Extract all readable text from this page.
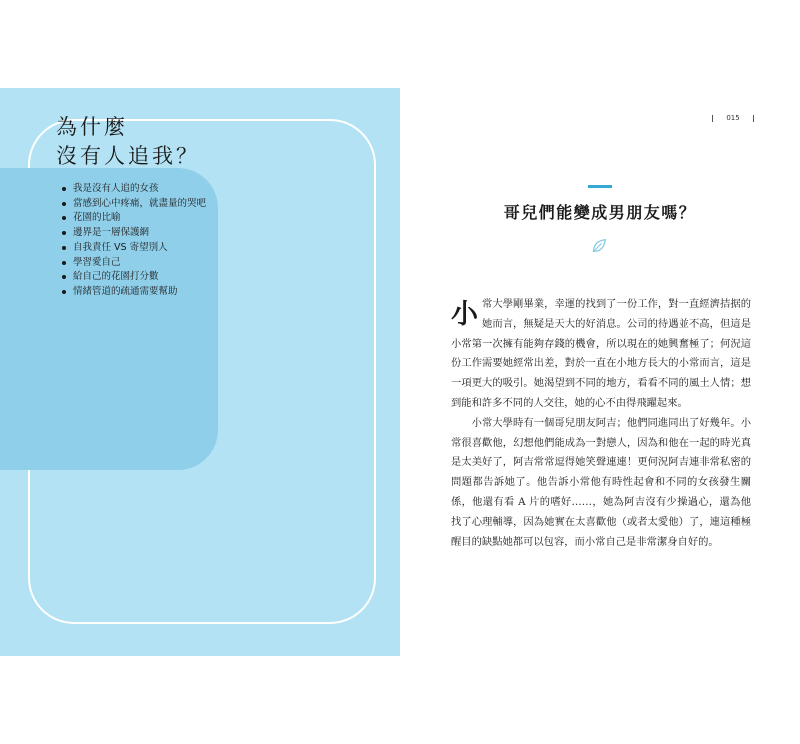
為什麼
沒有人追我？
我是沒有人追的女孩
當感到心中疼痛，就盡量的哭吧
花園的比喻
邊界是一層保護網
自我責任 VS 寄望別人
學習愛自己
給自己的花園打分數
情緒管道的疏通需要幫助
015
哥兒們能變成男朋友嗎？

小常大學剛畢業，幸運的找到了一份工作，對一直經濟拮据的她而言，無疑是天大的好消息。公司的待遇並不高，但這是小常第一次擁有能夠存錢的機會，所以現在的她興奮極了；何況這份工作需要她經常出差，對於一直在小地方長大的小常而言，這是一項更大的吸引。她渴望到不同的地方，看看不同的風土人情；想到能和許多不同的人交往，她的心不由得飛躍起來。

小常大學時有一個哥兒朋友阿吉；他們同進同出了好幾年。小常很喜歡他，幻想他們能成為一對戀人，因為和他在一起的時光真是太美好了，阿吉常常逗得她笑聲連連！更何況阿吉連非常私密的問題都告訴她了。他告訴小常他有時性起會和不同的女孩發生關係，他還有看 A 片的嗜好……，她為阿吉沒有少操過心，還為他找了心理輔導，因為她實在太喜歡他（或者太愛他）了，連這種極醒目的缺點她都可以包容，而小常自己是非常潔身自好的。
